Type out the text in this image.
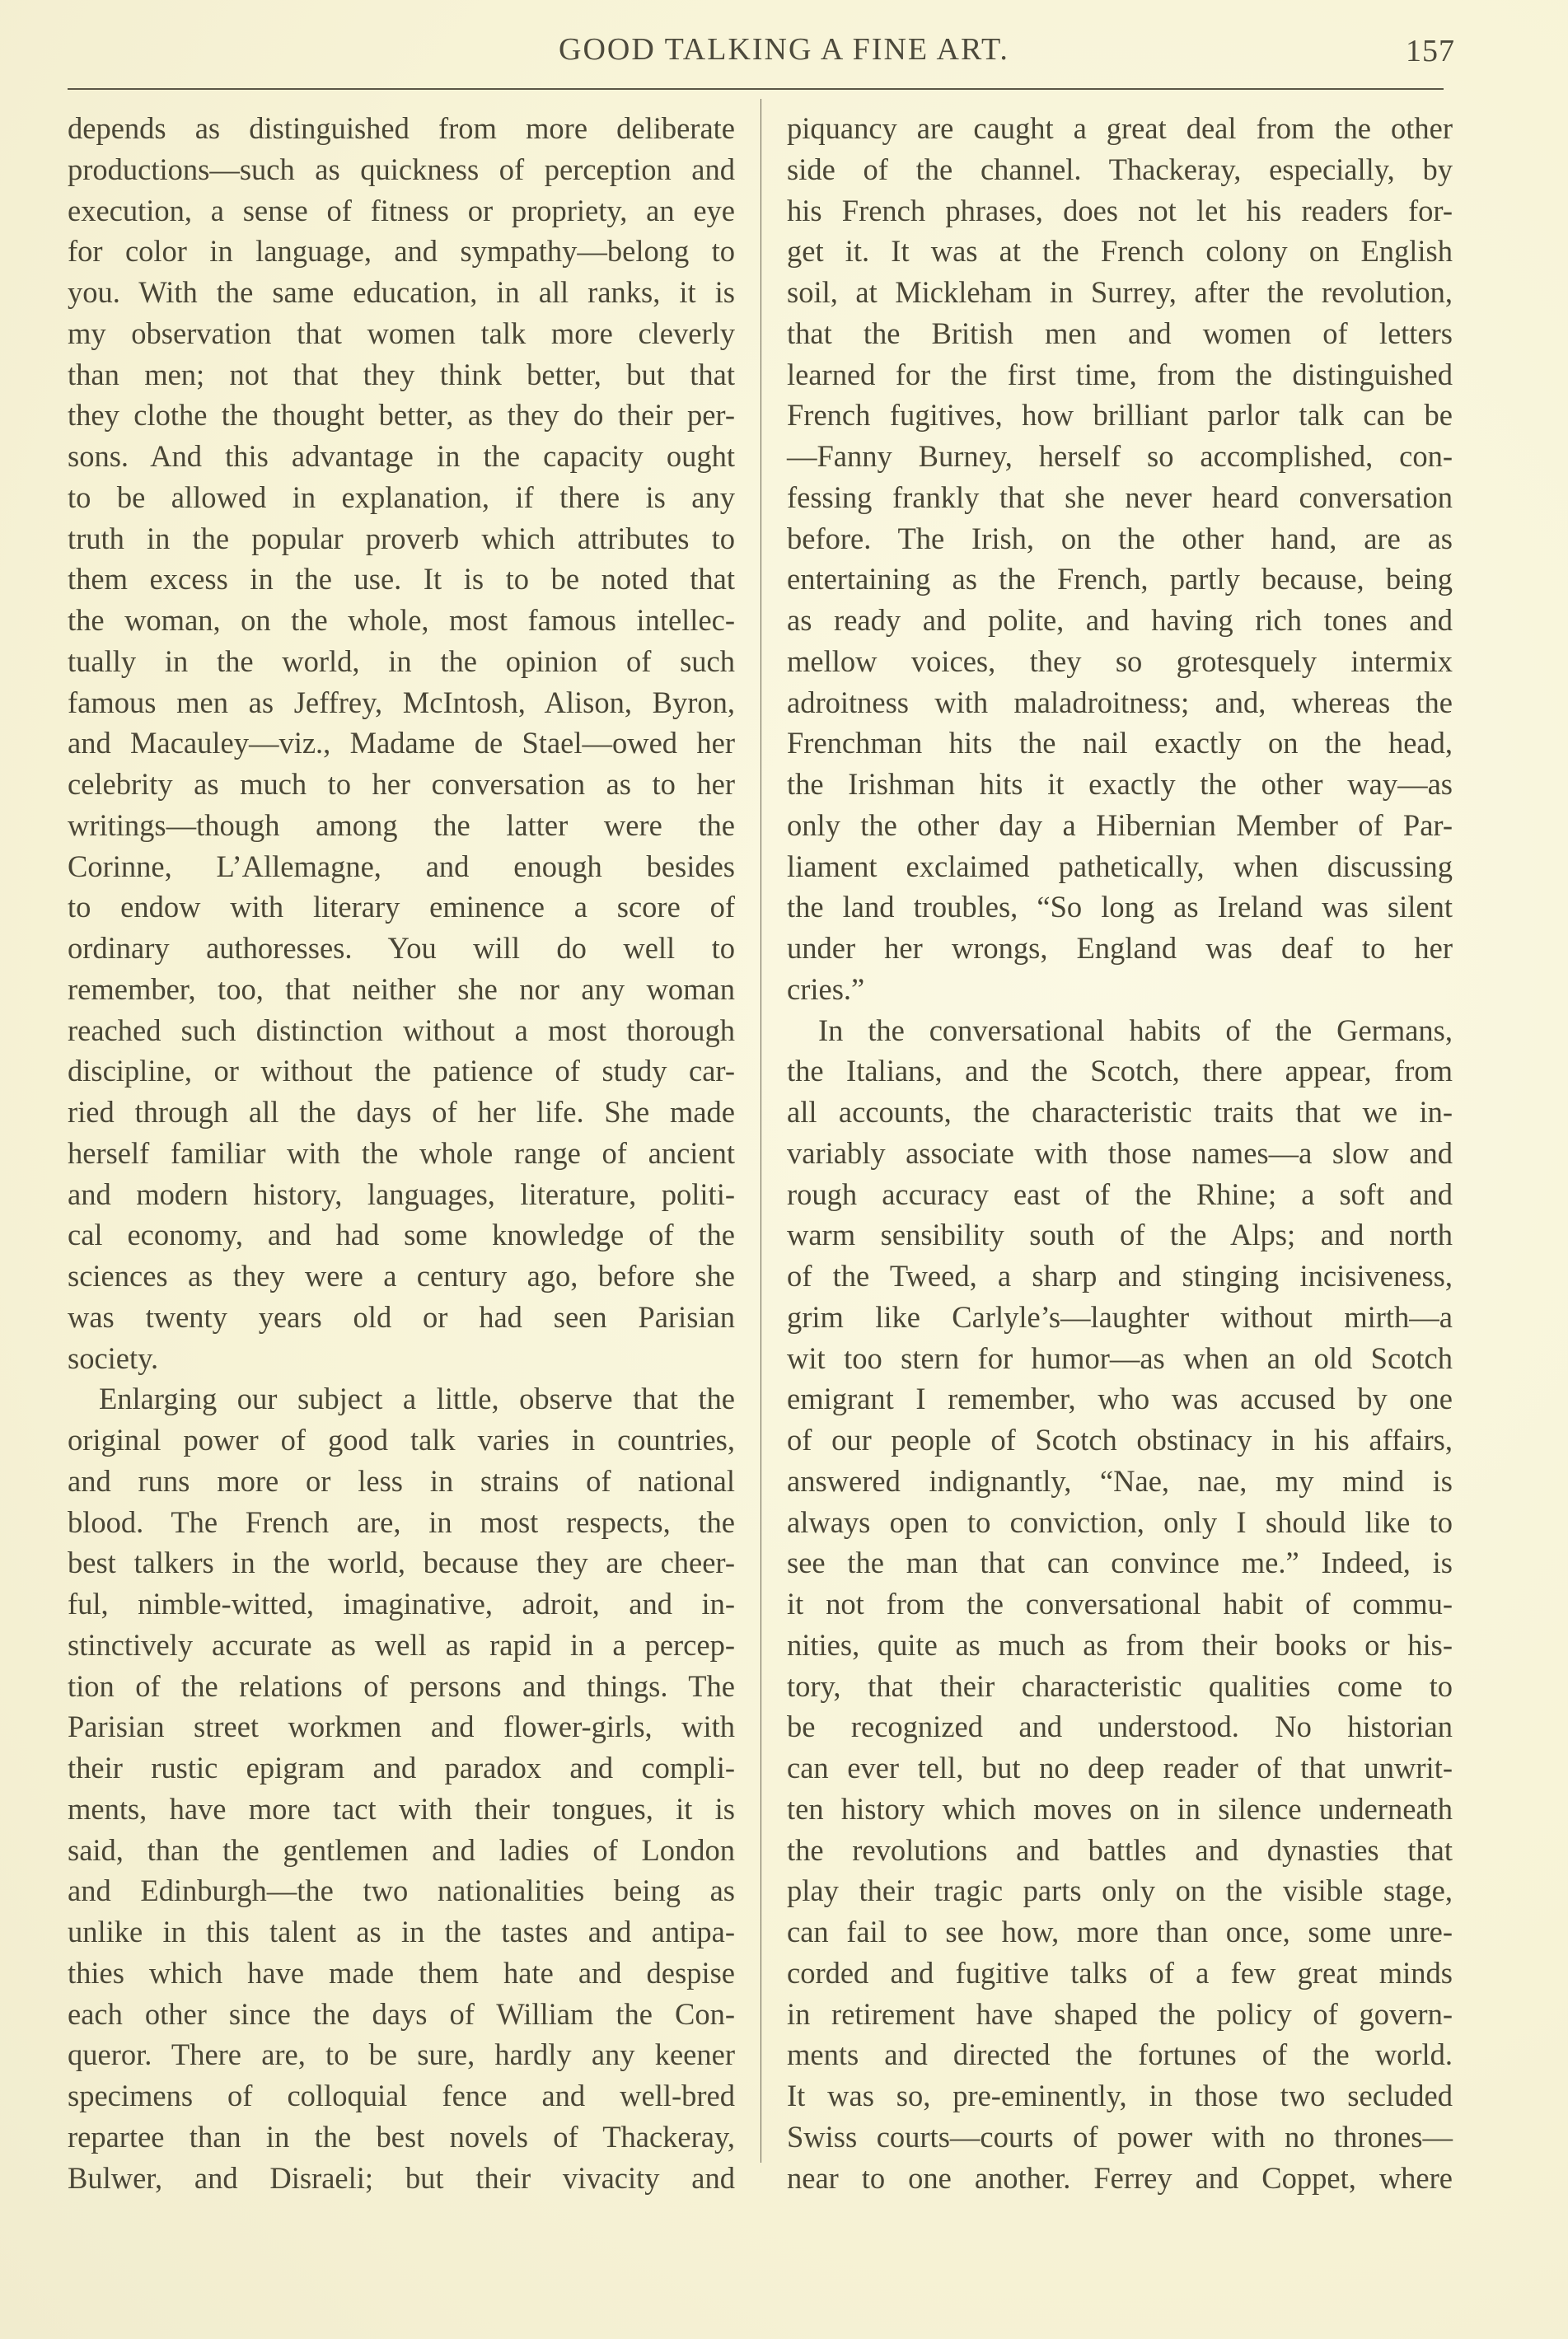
GOOD TALKING A FINE ART.	157
depends as distinguished from more deliberate
productions—such as quickness of perception and
execution, a sense of fitness or propriety, an eye
for color in language, and sympathy—belong to
you. With the same education, in all ranks, it is
my observation that women talk more cleverly
than men; not that they think better, but that
they clothe the thought better, as they do their per-
sons. And this advantage in the capacity ought
to be allowed in explanation, if there is any
truth in the popular proverb which attributes to
them excess in the use. It is to be noted that
the woman, on the whole, most famous intellec-
tually in the world, in the opinion of such
famous men as Jeffrey, McIntosh, Alison, Byron,
and Macauley—viz., Madame de Stael—owed her
celebrity as much to her conversation as to her
writings—though among the latter were the
Corinne, L’Allemagne, and enough besides
to endow with literary eminence a score of
ordinary authoresses. You will do well to
remember, too, that neither she nor any woman
reached such distinction without a most thorough
discipline, or without the patience of study car-
ried through all the days of her life. She made
herself familiar with the whole range of ancient
and modern history, languages, literature, politi-
cal economy, and had some knowledge of the
sciences as they were a century ago, before she
was twenty years old or had seen Parisian
society.
Enlarging our subject a little, observe that the
original power of good talk varies in countries,
and runs more or less in strains of national
blood. The French are, in most respects, the
best talkers in the world, because they are cheer-
ful, nimble-witted, imaginative, adroit, and in-
stinctively accurate as well as rapid in a percep-
tion of the relations of persons and things. The
Parisian street workmen and flower-girls, with
their rustic epigram and paradox and compli-
ments, have more tact with their tongues, it is
said, than the gentlemen and ladies of London
and Edinburgh—the two nationalities being as
unlike in this talent as in the tastes and antipa-
thies which have made them hate and despise
each other since the days of William the Con-
queror. There are, to be sure, hardly any keener
specimens of colloquial fence and well-bred
repartee than in the best novels of Thackeray,
Bulwer, and Disraeli; but their vivacity and
piquancy are caught a great deal from the other
side of the channel. Thackeray, especially, by
his French phrases, does not let his readers for-
get it. It was at the French colony on English
soil, at Mickleham in Surrey, after the revolution,
that the British men and women of letters
learned for the first time, from the distinguished
French fugitives, how brilliant parlor talk can be
—Fanny Burney, herself so accomplished, con-
fessing frankly that she never heard conversation
before. The Irish, on the other hand, are as
entertaining as the French, partly because, being
as ready and polite, and having rich tones and
mellow voices, they so grotesquely intermix
adroitness with maladroitness; and, whereas the
Frenchman hits the nail exactly on the head,
the Irishman hits it exactly the other way—as
only the other day a Hibernian Member of Par-
liament exclaimed pathetically, when discussing
the land troubles, “So long as Ireland was silent
under her wrongs, England was deaf to her
cries.”
In the conversational habits of the Germans,
the Italians, and the Scotch, there appear, from
all accounts, the characteristic traits that we in-
variably associate with those names—a slow and
rough accuracy east of the Rhine; a soft and
warm sensibility south of the Alps; and north
of the Tweed, a sharp and stinging incisiveness,
grim like Carlyle’s—laughter without mirth—a
wit too stern for humor—as when an old Scotch
emigrant I remember, who was accused by one
of our people of Scotch obstinacy in his affairs,
answered indignantly, “Nae, nae, my mind is
always open to conviction, only I should like to
see the man that can convince me.” Indeed, is
it not from the conversational habit of commu-
nities, quite as much as from their books or his-
tory, that their characteristic qualities come to
be recognized and understood. No historian
can ever tell, but no deep reader of that unwrit-
ten history which moves on in silence underneath
the revolutions and battles and dynasties that
play their tragic parts only on the visible stage,
can fail to see how, more than once, some unre-
corded and fugitive talks of a few great minds
in retirement have shaped the policy of govern-
ments and directed the fortunes of the world.
It was so, pre-eminently, in those two secluded
Swiss courts—courts of power with no thrones—
near to one another. Ferrey and Coppet, where
